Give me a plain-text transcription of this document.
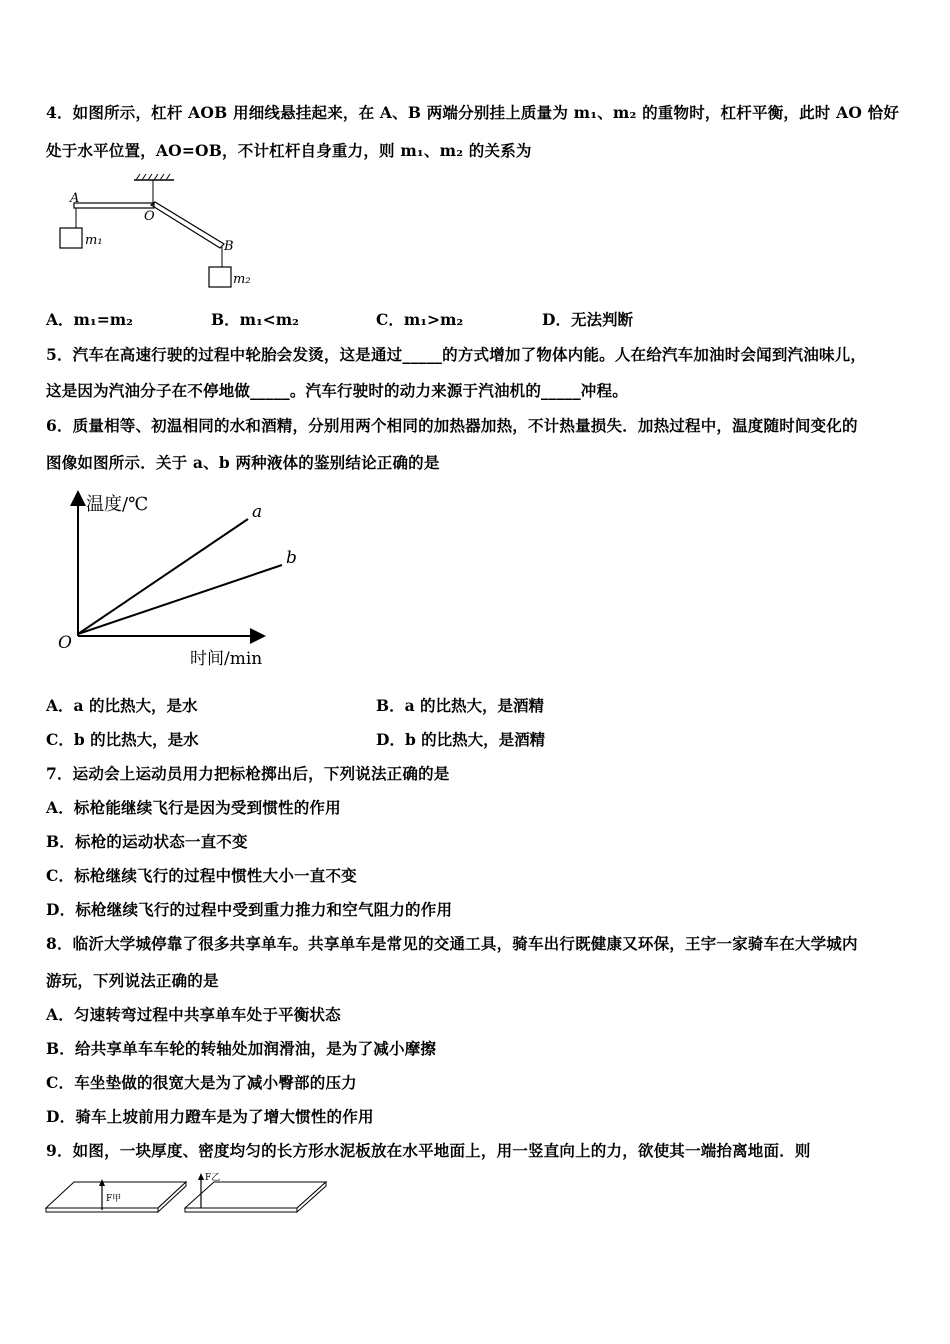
4．如图所示，杠杆 AOB 用细线悬挂起来，在 A、B 两端分别挂上质量为 m₁、m₂ 的重物时，杠杆平衡，此时 AO 恰好
处于水平位置，AO=OB，不计杠杆自身重力，则 m₁、m₂ 的关系为
A
O
B
m₁
m₂
A．m₁=m₂	B．m₁<m₂	C．m₁>m₂	D．无法判断
5．汽车在高速行驶的过程中轮胎会发烫，这是通过_____的方式增加了物体内能。人在给汽车加油时会闻到汽油味儿，
这是因为汽油分子在不停地做_____。汽车行驶时的动力来源于汽油机的_____冲程。
6．质量相等、初温相同的水和酒精，分别用两个相同的加热器加热，不计热量损失．加热过程中，温度随时间变化的
图像如图所示．关于 a、b 两种液体的鉴别结论正确的是
温度/℃
时间/min
O
a
b
A．a 的比热大，是水	B．a 的比热大，是酒精
C．b 的比热大，是水	D．b 的比热大，是酒精
7．运动会上运动员用力把标枪掷出后，下列说法正确的是
A．标枪能继续飞行是因为受到惯性的作用
B．标枪的运动状态一直不变
C．标枪继续飞行的过程中惯性大小一直不变
D．标枪继续飞行的过程中受到重力推力和空气阻力的作用
8．临沂大学城停靠了很多共享单车。共享单车是常见的交通工具，骑车出行既健康又环保，王宇一家骑车在大学城内
游玩，下列说法正确的是
A．匀速转弯过程中共享单车处于平衡状态
B．给共享单车车轮的转轴处加润滑油，是为了减小摩擦
C．车坐垫做的很宽大是为了减小臀部的压力
D．骑车上坡前用力蹬车是为了增大惯性的作用
9．如图，一块厚度、密度均匀的长方形水泥板放在水平地面上，用一竖直向上的力，欲使其一端抬离地面．则
F甲
F乙
